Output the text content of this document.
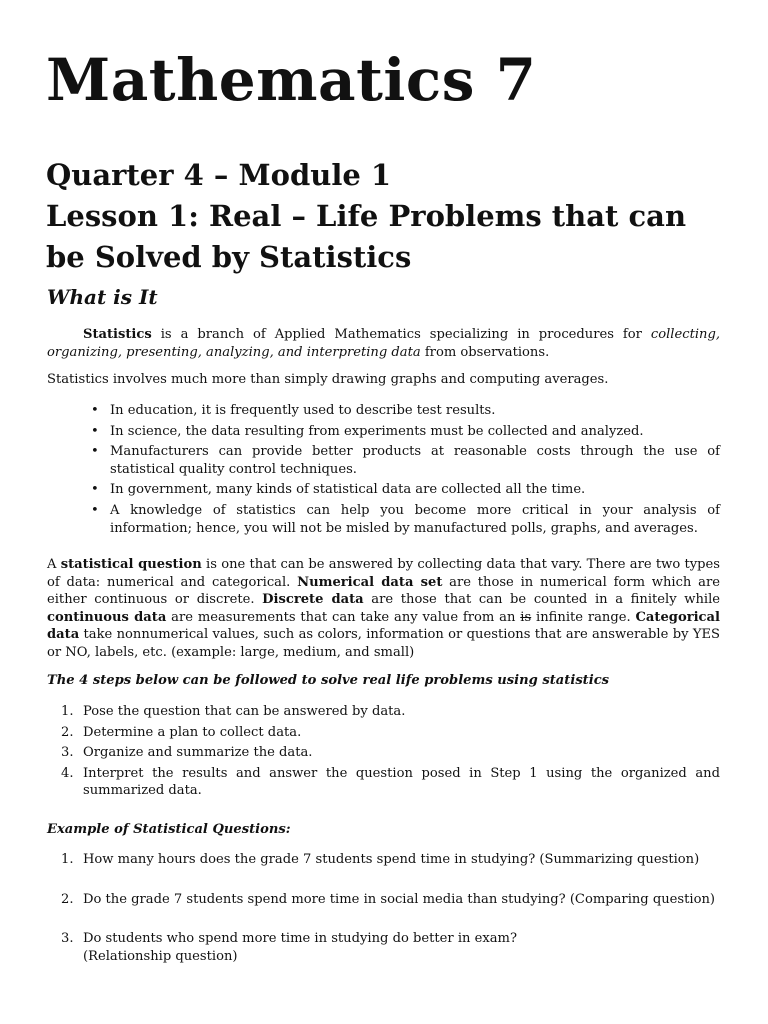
Mathematics 7
Quarter 4 – Module 1
Lesson 1: Real – Life Problems that can
be Solved by Statistics
What is It

Statistics is a branch of Applied Mathematics specializing in procedures for collecting, organizing, presenting, analyzing, and interpreting data from observations.

Statistics involves much more than simply drawing graphs and computing averages.

• In education, it is frequently used to describe test results.
• In science, the data resulting from experiments must be collected and analyzed.
• Manufacturers can provide better products at reasonable costs through the use of statistical quality control techniques.
• In government, many kinds of statistical data are collected all the time.
• A knowledge of statistics can help you become more critical in your analysis of information; hence, you will not be misled by manufactured polls, graphs, and averages.

A statistical question is one that can be answered by collecting data that vary. There are two types of data: numerical and categorical. Numerical data set are those in numerical form which are either continuous or discrete. Discrete data are those that can be counted in a finitely while continuous data are measurements that can take any value from an is infinite range. Categorical data take nonnumerical values, such as colors, information or questions that are answerable by YES or NO, labels, etc. (example: large, medium, and small)

The 4 steps below can be followed to solve real life problems using statistics

1. Pose the question that can be answered by data.
2. Determine a plan to collect data.
3. Organize and summarize the data.
4. Interpret the results and answer the question posed in Step 1 using the organized and summarized data.

Example of Statistical Questions:

1. How many hours does the grade 7 students spend time in studying? (Summarizing question)
2. Do the grade 7 students spend more time in social media than studying? (Comparing question)
3. Do students who spend more time in studying do better in exam?
(Relationship question)
